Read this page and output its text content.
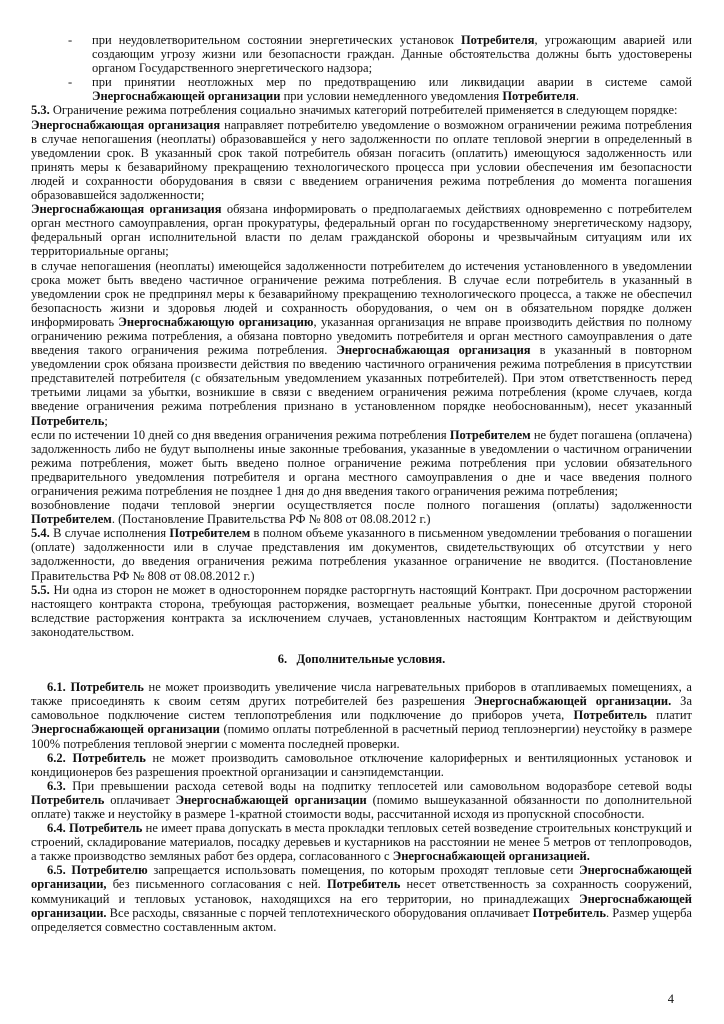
- при неудовлетворительном состоянии энергетических установок Потребителя, угрожающим аварией или создающим угрозу жизни или безопасности граждан. Данные обстоятельства должны быть удостоверены органом Государственного энергетического надзора;

- при принятии неотложных мер по предотвращению или ликвидации аварии в системе самой Энергоснабжающей организации при условии немедленного уведомления Потребителя.

5.3. Ограничение режима потребления социально значимых категорий потребителей применяется в следующем порядке:

Энергоснабжающая организация направляет потребителю уведомление о возможном ограничении режима потребления в случае непогашения (неоплаты) образовавшейся у него задолженности по оплате тепловой энергии в определенный в уведомлении срок. В указанный срок такой потребитель обязан погасить (оплатить) имеющуюся задолженность или принять меры к безаварийному прекращению технологического процесса при условии обеспечения им безопасности людей и сохранности оборудования в связи с введением ограничения режима потребления до момента погашения образовавшейся задолженности;

Энергоснабжающая организация обязана информировать о предполагаемых действиях одновременно с потребителем орган местного самоуправления, орган прокуратуры, федеральный орган по государственному энергетическому надзору, федеральный орган исполнительной власти по делам гражданской обороны и чрезвычайным ситуациям или их территориальные органы;

в случае непогашения (неоплаты) имеющейся задолженности потребителем до истечения установленного в уведомлении срока может быть введено частичное ограничение режима потребления. В случае если потребитель в указанный в уведомлении срок не предпринял меры к безаварийному прекращению технологического процесса, а также не обеспечил безопасность жизни и здоровья людей и сохранность оборудования, о чем он в обязательном порядке должен информировать Энергоснабжающую организацию, указанная организация не вправе производить действия по полному ограничению режима потребления, а обязана повторно уведомить потребителя и орган местного самоуправления о дате введения такого ограничения режима потребления. Энергоснабжающая организация в указанный в повторном уведомлении срок обязана произвести действия по введению частичного ограничения режима потребления в присутствии представителей потребителя (с обязательным уведомлением указанных потребителей). При этом ответственность перед третьими лицами за убытки, возникшие в связи с введением ограничения режима потребления (кроме случаев, когда введение ограничения режима потребления признано в установленном порядке необоснованным), несет указанный Потребитель;

если по истечении 10 дней со дня введения ограничения режима потребления Потребителем не будет погашена (оплачена) задолженность либо не будут выполнены иные законные требования, указанные в уведомлении о частичном ограничении режима потребления, может быть введено полное ограничение режима потребления при условии обязательного предварительного уведомления потребителя и органа местного самоуправления о дне и часе введения полного ограничения режима потребления не позднее 1 дня до дня введения такого ограничения режима потребления;

возобновление подачи тепловой энергии осуществляется после полного погашения (оплаты) задолженности Потребителем. (Постановление Правительства РФ № 808 от 08.08.2012 г.)

5.4. В случае исполнения Потребителем в полном объеме указанного в письменном уведомлении требования о погашении (оплате) задолженности или в случае представления им документов, свидетельствующих об отсутствии у него задолженности, до введения ограничения режима потребления указанное ограничение не вводится. (Постановление Правительства РФ № 808 от 08.08.2012 г.)

5.5. Ни одна из сторон не может в одностороннем порядке расторгнуть настоящий Контракт. При досрочном расторжении настоящего контракта сторона, требующая расторжения, возмещает реальные убытки, понесенные другой стороной вследствие расторжения контракта за исключением случаев, установленных настоящим Контрактом и действующим законодательством.

6.   Дополнительные условия.

6.1. Потребитель не может производить увеличение числа нагревательных приборов в отапливаемых помещениях, а также присоединять к своим сетям других потребителей без разрешения Энергоснабжающей организации. За самовольное подключение систем теплопотребления или подключение до приборов учета, Потребитель платит Энергоснабжающей организации (помимо оплаты потребленной в расчетный период теплоэнергии) неустойку в размере 100% потребления тепловой энергии с момента последней проверки.

6.2. Потребитель не может производить самовольное отключение калориферных и вентиляционных установок и кондиционеров без разрешения проектной организации и санэпидемстанции.

6.3. При превышении расхода сетевой воды на подпитку теплосетей или самовольном водоразборе сетевой воды Потребитель оплачивает Энергоснабжающей организации (помимо вышеуказанной обязанности по дополнительной оплате) также и неустойку в размере 1-кратной стоимости воды, рассчитанной исходя из пропускной способности.

6.4. Потребитель не имеет права допускать в места прокладки тепловых сетей возведение строительных конструкций и строений, складирование материалов, посадку деревьев и кустарников на расстоянии не менее 5 метров от теплопроводов, а также производство земляных работ без ордера, согласованного с Энергоснабжающей организацией.

6.5. Потребителю запрещается использовать помещения, по которым проходят тепловые сети Энергоснабжающей организации, без письменного согласования с ней. Потребитель несет ответственность за сохранность сооружений, коммуникаций и тепловых установок, находящихся на его территории, но принадлежащих Энергоснабжающей организации. Все расходы, связанные с порчей теплотехнического оборудования оплачивает Потребитель. Размер ущерба определяется совместно составленным актом.

4
